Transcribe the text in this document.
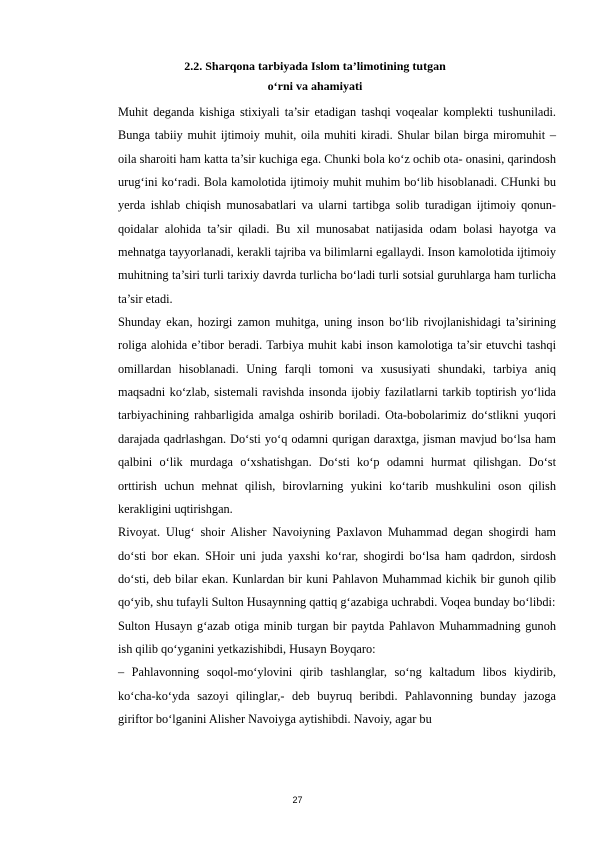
2.2. Sharqona tarbiyada Islom ta’limotining tutgan
o‘rni va ahamiyati

Muhit deganda kishiga stixiyali ta’sir etadigan tashqi voqealar komplekti tushuniladi. Bunga tabiiy muhit ijtimoiy muhit, oila muhiti kiradi. Shular bilan birga miromuhit – oila sharoiti ham katta ta’sir kuchiga ega. Chunki bola ko‘z ochib ota- onasini, qarindosh urug‘ini ko‘radi. Bola kamolotida ijtimoiy muhit muhim bo‘lib hisoblanadi. CHunki bu yerda ishlab chiqish munosabatlari va ularni tartibga solib turadigan ijtimoiy qonun-qoidalar alohida ta’sir qiladi. Bu xil munosabat natijasida odam bolasi hayotga va mehnatga tayyorlanadi, kerakli tajriba va bilimlarni egallaydi. Inson kamolotida ijtimoiy muhitning ta’siri turli tarixiy davrda turlicha bo‘ladi turli sotsial guruhlarga ham turlicha ta’sir etadi.

Shunday ekan, hozirgi zamon muhitga, uning inson bo‘lib rivojlanishidagi ta’sirining roliga alohida e’tibor beradi. Tarbiya muhit kabi inson kamolotiga ta’sir etuvchi tashqi omillardan hisoblanadi. Uning farqli tomoni va xususiyati shundaki, tarbiya aniq maqsadni ko‘zlab, sistemali ravishda insonda ijobiy fazilatlarni tarkib toptirish yo‘lida tarbiyachining rahbarligida amalga oshirib boriladi. Ota-bobolarimiz do‘stlikni yuqori darajada qadrlashgan. Do‘sti yo‘q odamni qurigan daraxtga, jisman mavjud bo‘lsa ham qalbini o‘lik murdaga o‘xshatishgan. Do‘sti ko‘p odamni hurmat qilishgan. Do‘st orttirish uchun mehnat qilish, birovlarning yukini ko‘tarib mushkulini oson qilish kerakligini uqtirishgan.

Rivoyat. Ulug‘ shoir Alisher Navoiyning Paxlavon Muhammad degan shogirdi ham do‘sti bor ekan. SHoir uni juda yaxshi ko‘rar, shogirdi bo‘lsa ham qadrdon, sirdosh do‘sti, deb bilar ekan. Kunlardan bir kuni Pahlavon Muhammad kichik bir gunoh qilib qo‘yib, shu tufayli Sulton Husaynning qattiq g‘azabiga uchrabdi. Voqea bunday bo‘libdi:

Sulton Husayn g‘azab otiga minib turgan bir paytda Pahlavon Muhammadning gunoh ish qilib qo‘yganini yetkazishibdi, Husayn Boyqaro:

– Pahlavonning soqol-mo‘ylovini qirib tashlanglar, so‘ng kaltadum libos kiydirib, ko‘cha-ko‘yda sazoyi qilinglar,- deb buyruq beribdi. Pahlavonning bunday jazoga giriftor bo‘lganini Alisher Navoiyga aytishibdi. Navoiy, agar bu

27
